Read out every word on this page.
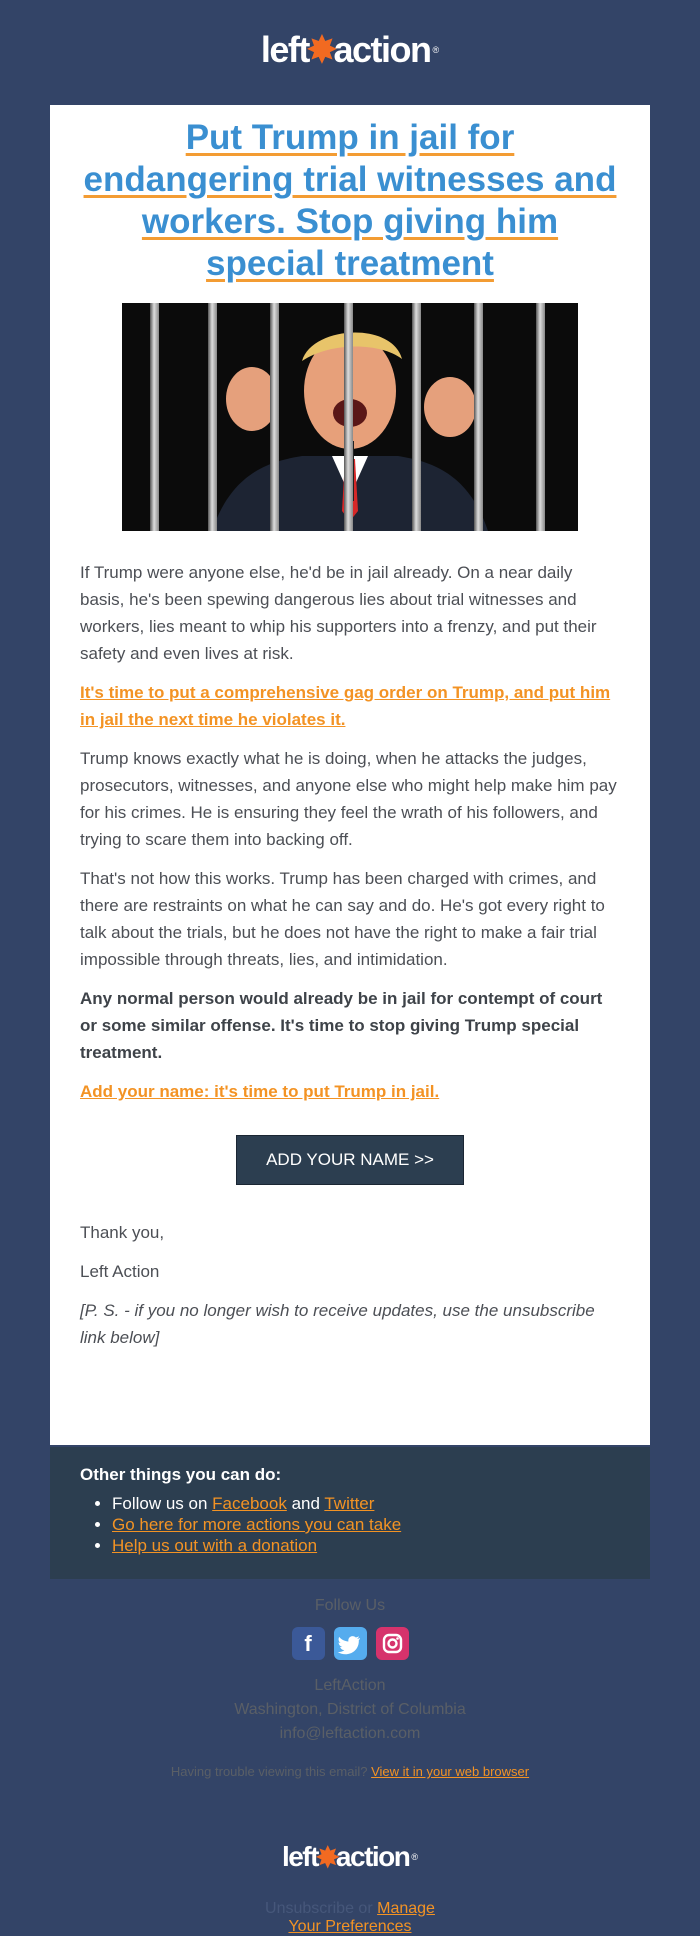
left
✸
action ®
Put Trump in jail for endangering trial witnesses and workers. Stop giving him special treatment

If Trump were anyone else, he'd be in jail already. On a near daily basis, he's been spewing dangerous lies about trial witnesses and workers, lies meant to whip his supporters into a frenzy, and put their safety and even lives at risk.

It's time to put a comprehensive gag order on Trump, and put him in jail the next time he violates it.

Trump knows exactly what he is doing, when he attacks the judges, prosecutors, witnesses, and anyone else who might help make him pay for his crimes. He is ensuring they feel the wrath of his followers, and trying to scare them into backing off.

That's not how this works. Trump has been charged with crimes, and there are restraints on what he can say and do. He's got every right to talk about the trials, but he does not have the right to make a fair trial impossible through threats, lies, and intimidation.

Any normal person would already be in jail for contempt of court or some similar offense. It's time to stop giving Trump special treatment.

Add your name: it's time to put Trump in jail.

ADD YOUR NAME >>

Thank you,

Left Action

[P. S. - if you no longer wish to receive updates, use the unsubscribe link below]

Other things you can do:
• Follow us on Facebook and Twitter
• Go here for more actions you can take
• Help us out with a donation
Follow Us
f
LeftAction
Washington, District of Columbia
info@leftaction.com
Having trouble viewing this email? View it in your web browser
left
✸
action ®
Unsubscribe or Manage
Your Preferences
